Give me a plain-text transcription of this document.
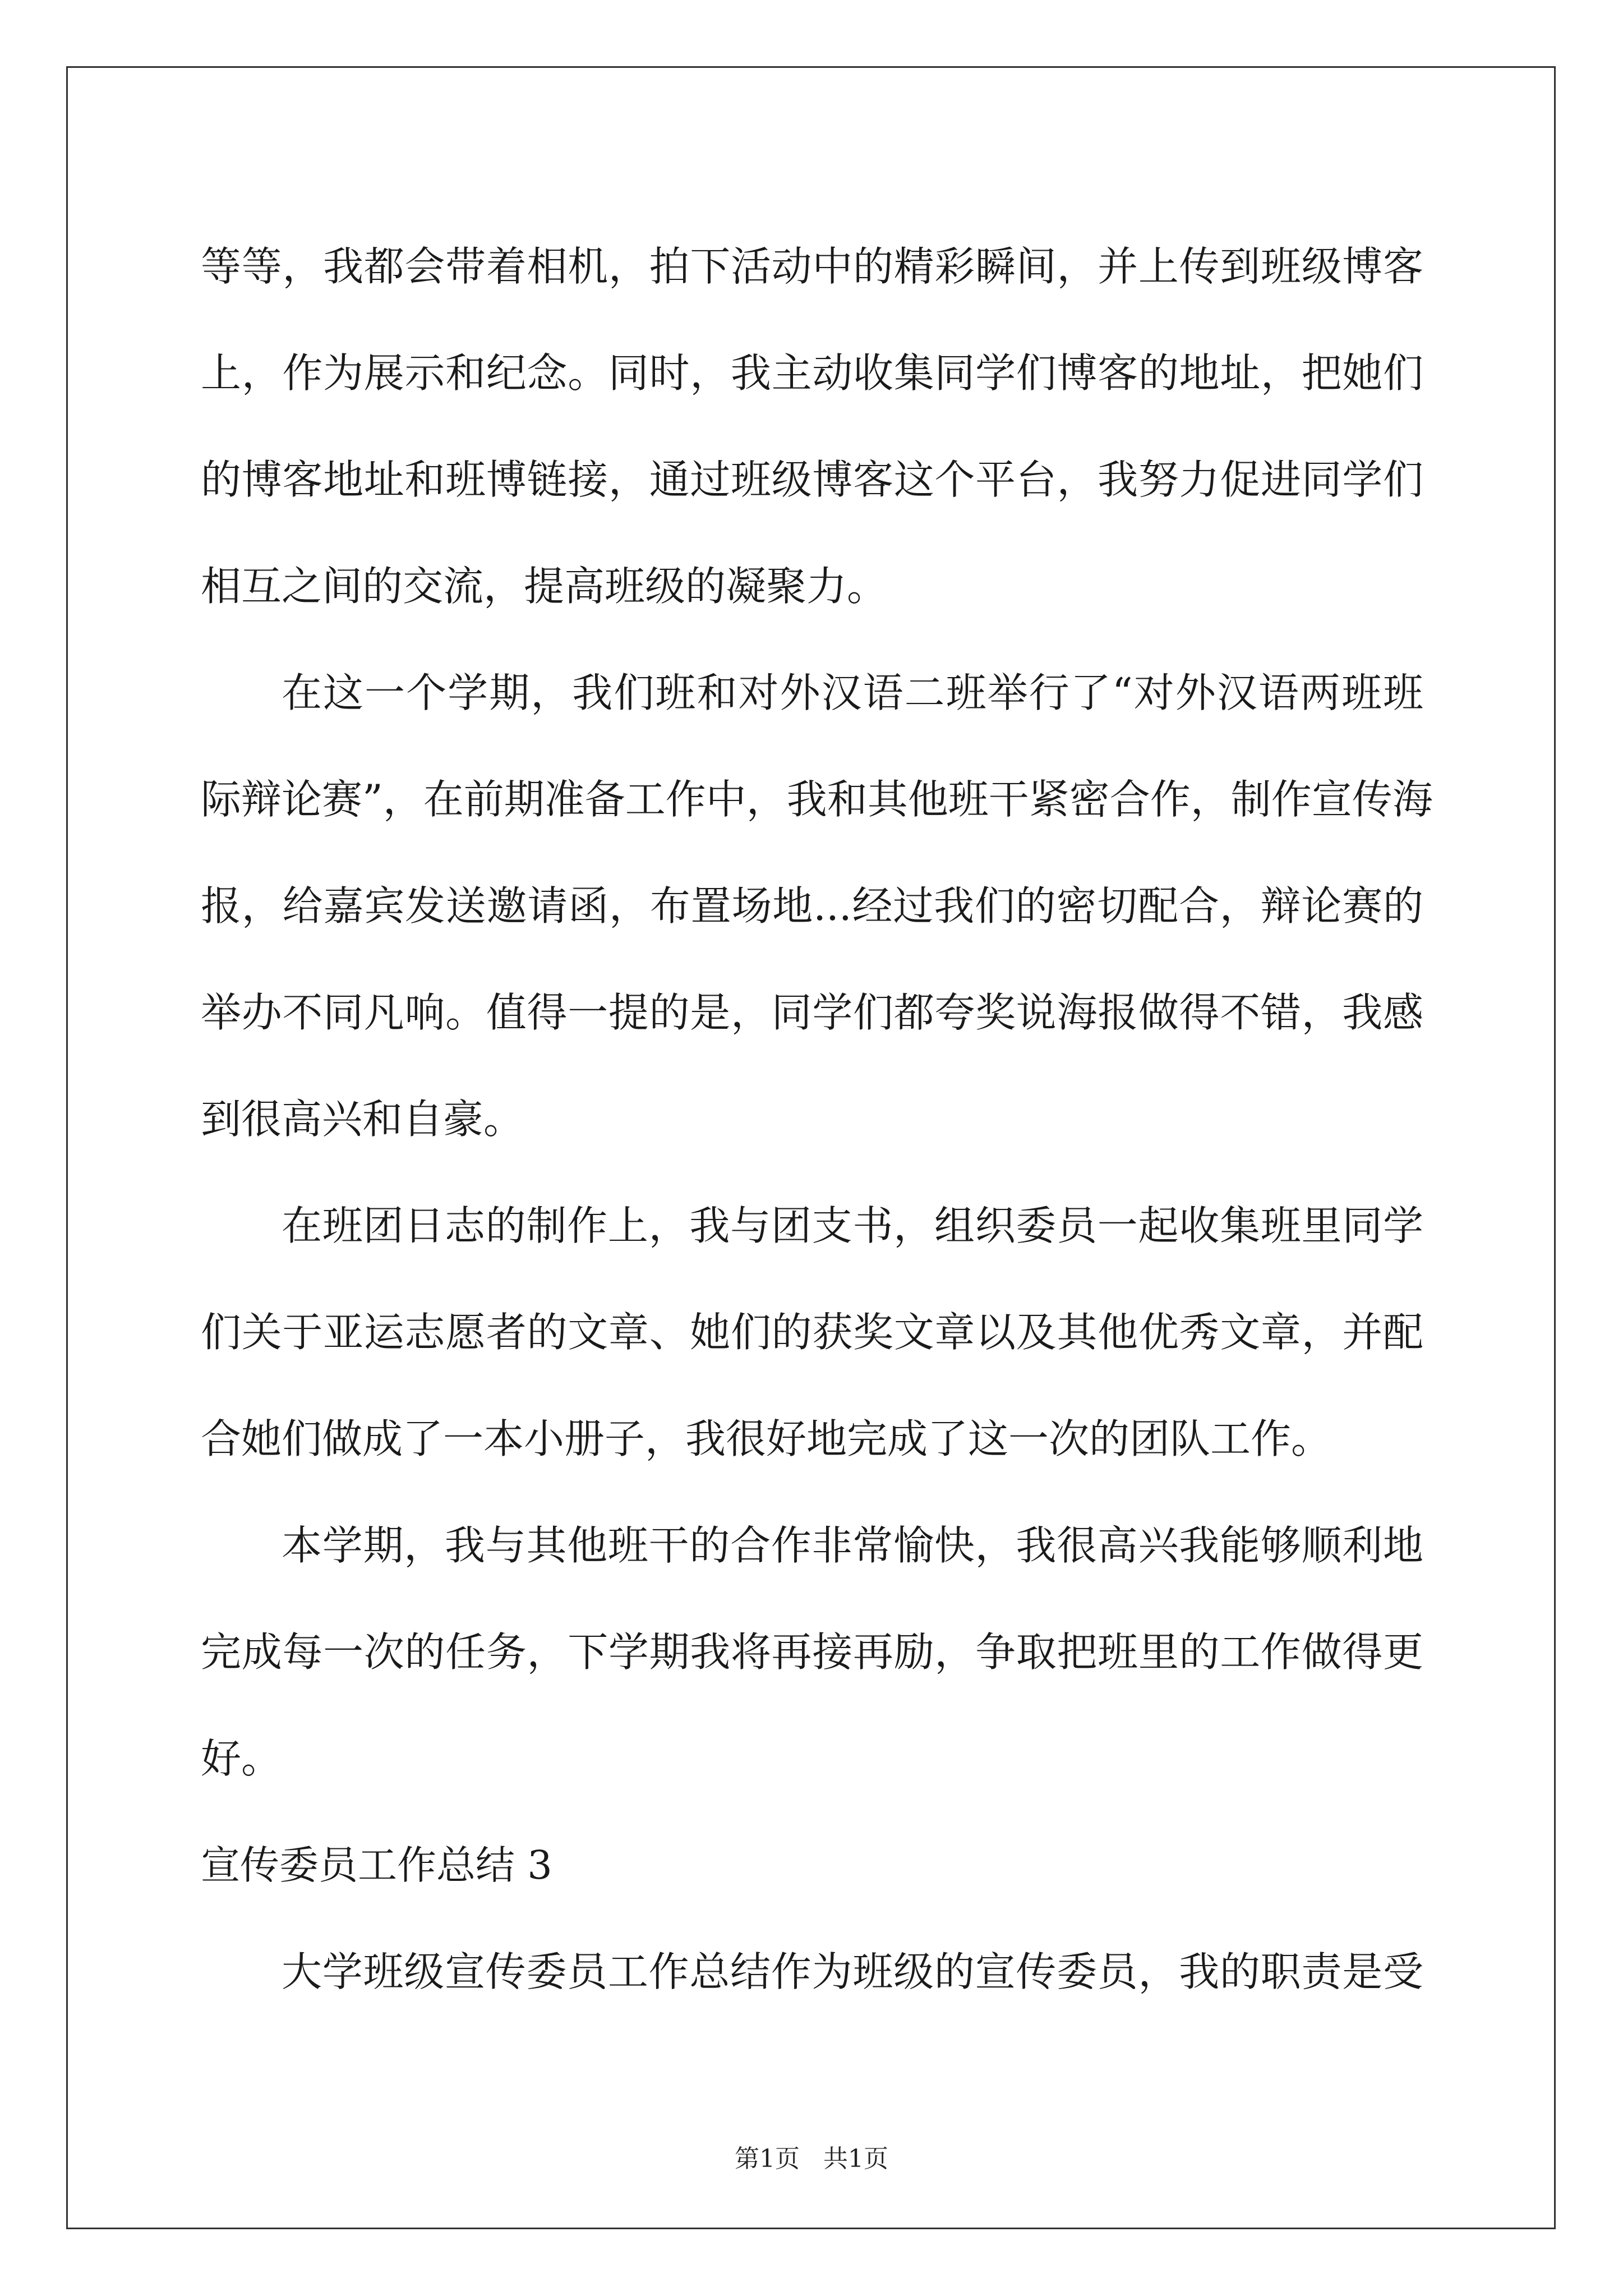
等等，我都会带着相机，拍下活动中的精彩瞬间，并上传到班级博客
上，作为展示和纪念。同时，我主动收集同学们博客的地址，把她们
的博客地址和班博链接，通过班级博客这个平台，我努力促进同学们
相互之间的交流，提高班级的凝聚力。
在这一个学期，我们班和对外汉语二班举行了“对外汉语两班班
际辩论赛”，在前期准备工作中，我和其他班干紧密合作，制作宣传海
报，给嘉宾发送邀请函，布置场地...经过我们的密切配合，辩论赛的
举办不同凡响。值得一提的是，同学们都夸奖说海报做得不错，我感
到很高兴和自豪。
在班团日志的制作上，我与团支书，组织委员一起收集班里同学
们关于亚运志愿者的文章、她们的获奖文章以及其他优秀文章，并配
合她们做成了一本小册子，我很好地完成了这一次的团队工作。
本学期，我与其他班干的合作非常愉快，我很高兴我能够顺利地
完成每一次的任务，下学期我将再接再励，争取把班里的工作做得更
好。
宣传委员工作总结 3
大学班级宣传委员工作总结作为班级的宣传委员，我的职责是受
第1页   共1页
